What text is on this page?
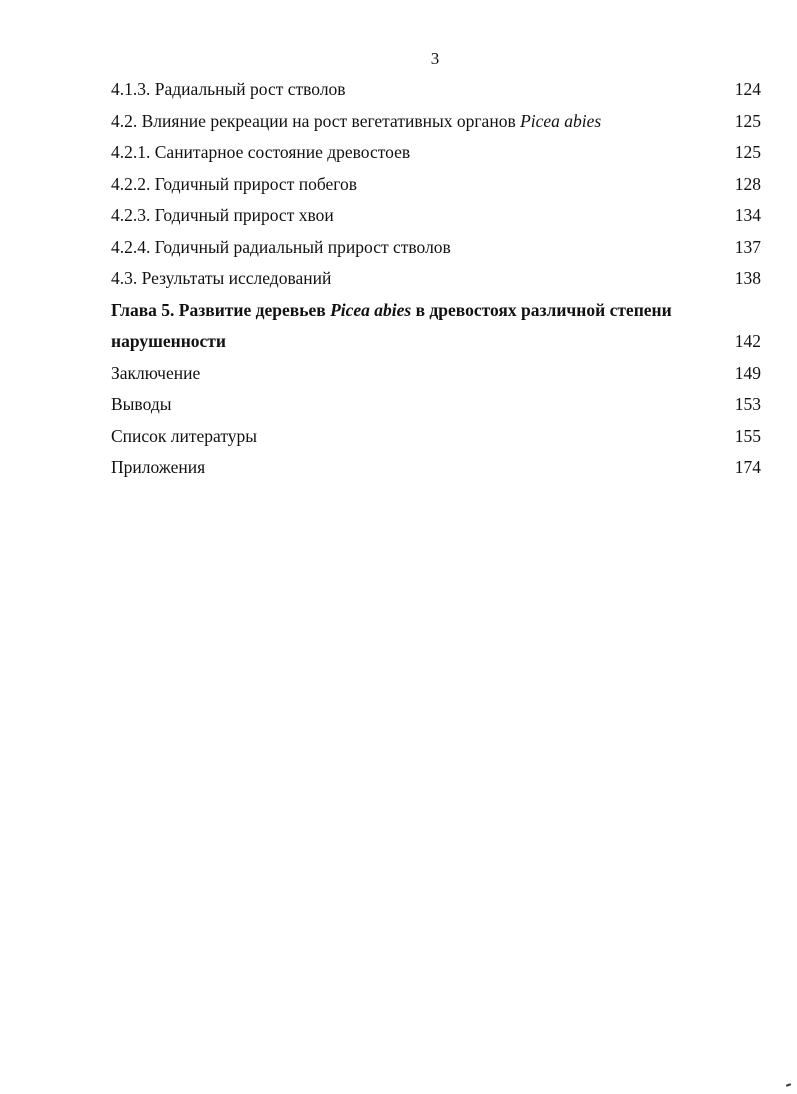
3
4.1.3. Радиальный рост стволов	124
4.2. Влияние рекреации на рост вегетативных органов Picea abies	125
4.2.1. Санитарное состояние древостоев	125
4.2.2. Годичный прирост побегов	128
4.2.3. Годичный прирост хвои	134
4.2.4. Годичный радиальный прирост стволов	137
4.3. Результаты исследований	138
Глава 5. Развитие деревьев Picea abies в древостоях различной степени
нарушенности	142
Заключение	149
Выводы	153
Список литературы	155
Приложения	174
